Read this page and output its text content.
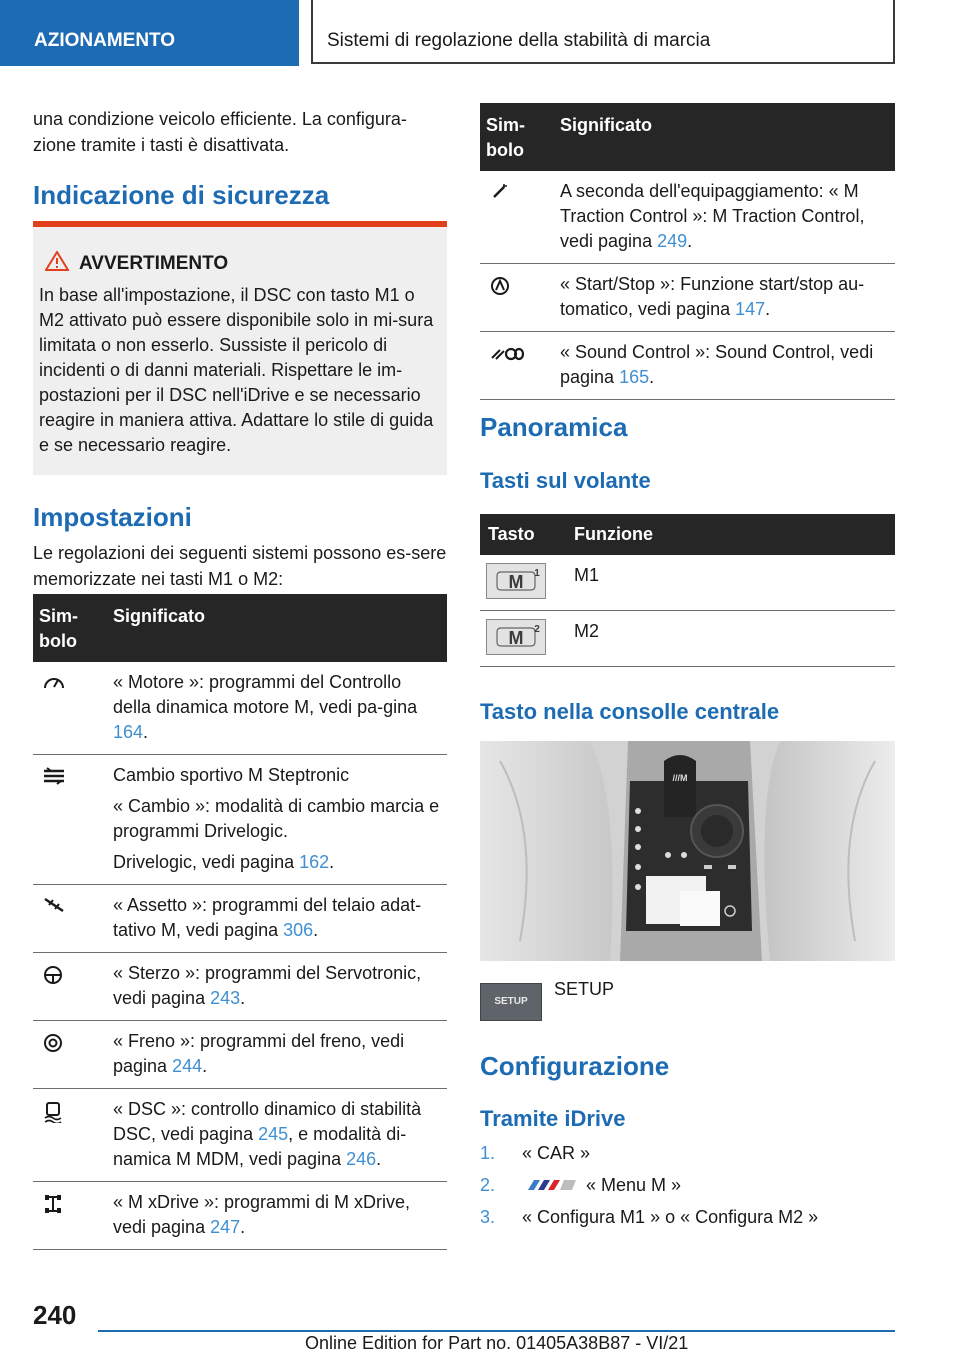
AZIONAMENTO	Sistemi di regolazione della stabilità di marcia

una condizione veicolo efficiente. La configura-zione tramite i tasti è disattivata.

Indicazione di sicurezza
AVVERTIMENTO
In base all'impostazione, il DSC con tasto M1 o M2 attivato può essere disponibile solo in mi-sura limitata o non esserlo. Sussiste il pericolo di incidenti o di danni materiali. Rispettare le im-postazioni per il DSC nell'iDrive e se necessario reagire in maniera attiva. Adattare lo stile di guida e se necessario reagire.
Impostazioni

Le regolazioni dei seguenti sistemi possono es-sere memorizzate nei tasti M1 o M2:

Sim-bolo	Significato

	« Motore »: programmi del Controllo della dinamica motore M, vedi pa-gina 164.

Cambio sportivo M Steptronic

« Cambio »: modalità di cambio marcia e programmi Drivelogic.

Drivelogic, vedi pagina 162.

	« Assetto »: programmi del telaio adat-tativo M, vedi pagina 306.

	« Sterzo »: programmi del Servotronic, vedi pagina 243.

	« Freno »: programmi del freno, vedi pagina 244.

	« DSC »: controllo dinamico di stabilità DSC, vedi pagina 245, e modalità di-namica M MDM, vedi pagina 246.

	« M xDrive »: programmi di M xDrive, vedi pagina 247.
Sim-bolo	Significato

	A seconda dell'equipaggiamento: « M Traction Control »: M Traction Control, vedi pagina 249.

	« Start/Stop »: Funzione start/stop au-tomatico, vedi pagina 147.

	« Sound Control »: Sound Control, vedi pagina 165.
Panoramica
Tasti sul volante
Tasto	Funzione

M 1	M1

M 2	M2
Tasto nella consolle centrale
///M
SETUP
SETUP
Configurazione
Tramite iDrive
1. « CAR »
2.	« Menu M »
3. « Configura M1 » o « Configura M2 »
240
Online Edition for Part no. 01405A38B87 - VI/21
